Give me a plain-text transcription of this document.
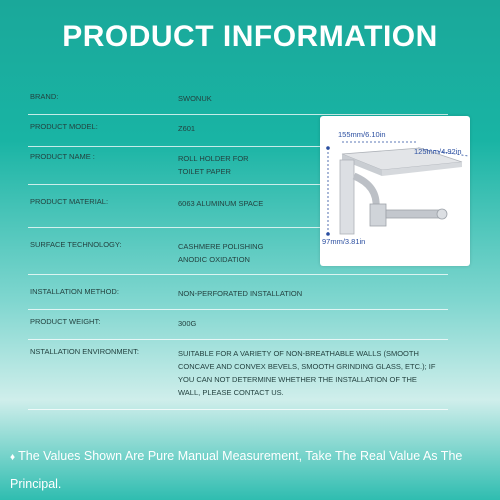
PRODUCT INFORMATION
BRAND:	SWONUK
PRODUCT MODEL:	Z601
PRODUCT NAME :	ROLL HOLDER FOR
TOILET PAPER
PRODUCT MATERIAL:	6063 ALUMINUM SPACE
SURFACE TECHNOLOGY:	CASHMERE POLISHING
ANODIC OXIDATION
INSTALLATION METHOD:	NON-PERFORATED INSTALLATION
PRODUCT WEIGHT:	300G
NSTALLATION ENVIRONMENT:	SUITABLE FOR A VARIETY OF NON-BREATHABLE WALLS (SMOOTH CONCAVE AND CONVEX BEVELS, SMOOTH GRINDING GLASS, ETC.); IF YOU CAN NOT DETERMINE WHETHER THE INSTALLATION OF THE WALL, PLEASE CONTACT US.
155mm/6.10in
125mm/4.92in
97mm/3.81in
♦ The Values Shown Are Pure Manual Measurement, Take The Real Value As The Principal.
